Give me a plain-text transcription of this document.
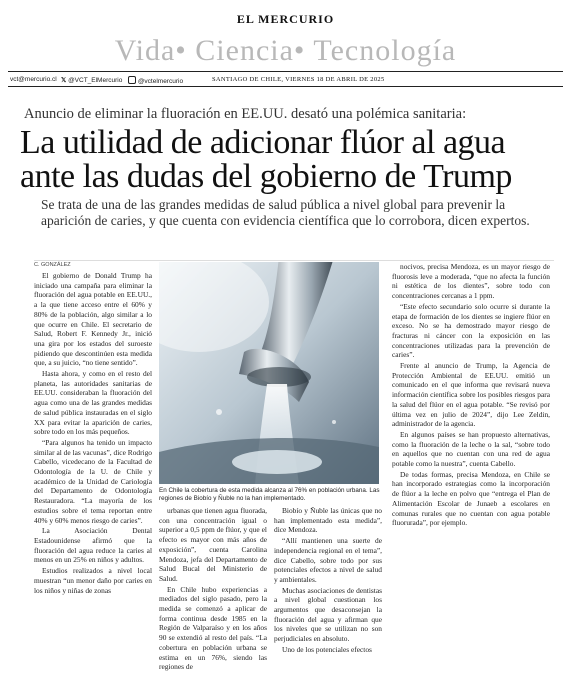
EL MERCURIO
Vida• Ciencia• Tecnología
vct@mercurio.cl 𝕏 @VCT_ElMercurio	@vctelmercurio	SANTIAGO DE CHILE, VIERNES 18 DE ABRIL DE 2025
Anuncio de eliminar la fluoración en EE.UU. desató una polémica sanitaria:
La utilidad de adicionar flúor al agua ante las dudas del gobierno de Trump
Se trata de una de las grandes medidas de salud pública a nivel global para prevenir la aparición de caries, y que cuenta con evidencia científica que lo corrobora, dicen expertos.
C. GONZÁLEZ

El gobierno de Donald Trump ha iniciado una campaña para eliminar la fluoración del agua potable en EE.UU., a la que tiene acceso entre el 60% y 80% de la población, algo similar a lo que ocurre en Chile. El secretario de Salud, Robert F. Kennedy Jr., inició una gira por los estados del suroeste pidiendo que descontinúen esta medida que, a su juicio, “no tiene sentido”.

Hasta ahora, y como en el resto del planeta, las autoridades sanitarias de EE.UU. consideraban la fluoración del agua como una de las grandes medidas de salud pública instauradas en el siglo XX para evitar la aparición de caries, sobre todo en los más pequeños.

“Para algunos ha tenido un impacto similar al de las vacunas”, dice Rodrigo Cabello, vicedecano de la Facultad de Odontología de la U. de Chile y académico de la Unidad de Cariología del Departamento de Odontología Restauradora. “La mayoría de los estudios sobre el tema reportan entre 40% y 60% menos riesgo de caries”.

La Asociación Dental Estadounidense afirmó que la fluoración del agua reduce la caries al menos en un 25% en niños y adultos.

Estudios realizados a nivel local muestran “un menor daño por caries en los niños y niñas de zonas

En Chile la cobertura de esta medida alcanza al 76% en población urbana. Las regiones de Biobío y Ñuble no la han implementado.

urbanas que tienen agua fluorada, con una concentración igual o superior a 0,5 ppm de flúor, y que el efecto es mayor con más años de exposición”, cuenta Carolina Mendoza, jefa del Departamento de Salud Bucal del Ministerio de Salud.

En Chile hubo experiencias a mediados del siglo pasado, pero la medida se comenzó a aplicar de forma continua desde 1985 en la Región de Valparaíso y en los años 90 se extendió al resto del país. “La cobertura en población urbana se estima en un 76%, siendo las regiones de

Biobío y Ñuble las únicas que no han implementado esta medida”, dice Mendoza.

“Allí mantienen una suerte de independencia regional en el tema”, dice Cabello, sobre todo por sus potenciales efectos a nivel de salud y ambientales.

Muchas asociaciones de dentistas a nivel global cuestionan los argumentos que desaconsejan la fluoración del agua y afirman que los niveles que se utilizan no son perjudiciales en absoluto.

Uno de los potenciales efectos

nocivos, precisa Mendoza, es un mayor riesgo de fluorosis leve a moderada, “que no afecta la función ni estética de los dientes”, sobre todo con concentraciones cercanas a 1 ppm.

“Este efecto secundario solo ocurre si durante la etapa de formación de los dientes se ingiere flúor en exceso. No se ha demostrado mayor riesgo de fracturas ni cáncer con la exposición en las concentraciones utilizadas para la prevención de caries”.

Frente al anuncio de Trump, la Agencia de Protección Ambiental de EE.UU. emitió un comunicado en el que informa que revisará nueva información científica sobre los posibles riesgos para la salud del flúor en el agua potable. “Se revisó por última vez en julio de 2024”, dijo Lee Zeldin, administrador de la agencia.

En algunos países se han propuesto alternativas, como la fluoración de la leche o la sal, “sobre todo en aquellos que no cuentan con una red de agua potable como la nuestra”, cuenta Cabello.

De todas formas, precisa Mendoza, en Chile se han incorporado estrategias como la incorporación de flúor a la leche en polvo que “entrega el Plan de Alimentación Escolar de Junaeb a escolares en comunas rurales que no cuentan con agua potable fluorurada”, por ejemplo.
